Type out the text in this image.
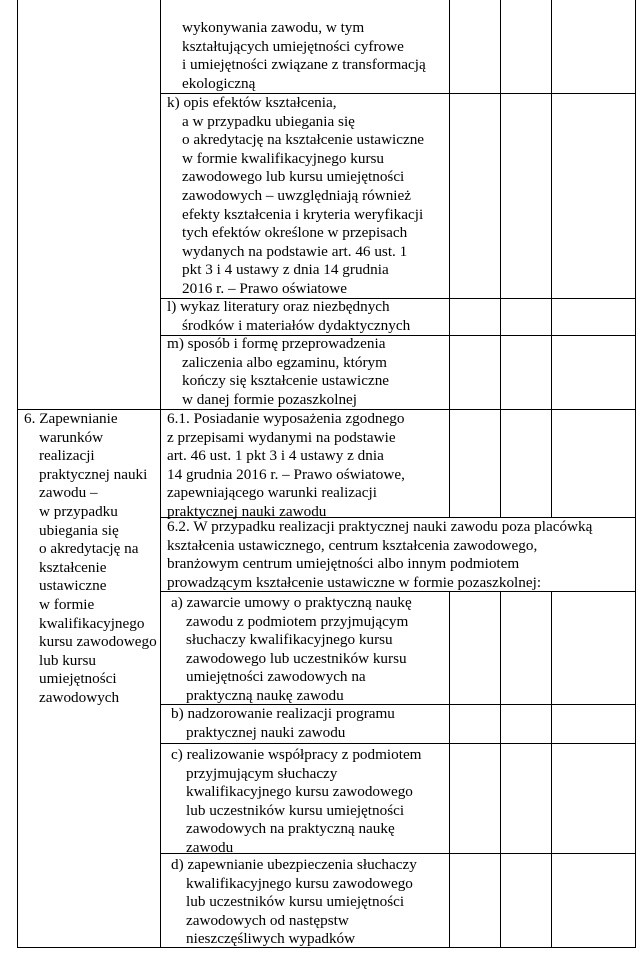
wykonywania zawodu, w tym
kształtujących umiejętności cyfrowe
i umiejętności związane z transformacją
ekologiczną
k) opis efektów kształcenia,
a w przypadku ubiegania się
o akredytację na kształcenie ustawiczne
w formie kwalifikacyjnego kursu
zawodowego lub kursu umiejętności
zawodowych – uwzględniają również
efekty kształcenia i kryteria weryfikacji
tych efektów określone w przepisach
wydanych na podstawie art. 46 ust. 1
pkt 3 i 4 ustawy z dnia 14 grudnia
2016 r. – Prawo oświatowe
l) wykaz literatury oraz niezbędnych
środków i materiałów dydaktycznych
m) sposób i formę przeprowadzenia
zaliczenia albo egzaminu, którym
kończy się kształcenie ustawiczne
w danej formie pozaszkolnej
6. Zapewnianie
warunków
realizacji
praktycznej nauki
zawodu –
w przypadku
ubiegania się
o akredytację na
kształcenie
ustawiczne
w formie
kwalifikacyjnego
kursu zawodowego
lub kursu
umiejętności
zawodowych
6.1. Posiadanie wyposażenia zgodnego
z przepisami wydanymi na podstawie
art. 46 ust. 1 pkt 3 i 4 ustawy z dnia
14 grudnia 2016 r. – Prawo oświatowe,
zapewniającego warunki realizacji
praktycznej nauki zawodu
6.2. W przypadku realizacji praktycznej nauki zawodu poza placówką
kształcenia ustawicznego, centrum kształcenia zawodowego,
branżowym centrum umiejętności albo innym podmiotem
prowadzącym kształcenie ustawiczne w formie pozaszkolnej:
a) zawarcie umowy o praktyczną naukę
zawodu z podmiotem przyjmującym
słuchaczy kwalifikacyjnego kursu
zawodowego lub uczestników kursu
umiejętności zawodowych na
praktyczną naukę zawodu
b) nadzorowanie realizacji programu
praktycznej nauki zawodu
c) realizowanie współpracy z podmiotem
przyjmującym słuchaczy
kwalifikacyjnego kursu zawodowego
lub uczestników kursu umiejętności
zawodowych na praktyczną naukę
zawodu
d) zapewnianie ubezpieczenia słuchaczy
kwalifikacyjnego kursu zawodowego
lub uczestników kursu umiejętności
zawodowych od następstw
nieszczęśliwych wypadków
